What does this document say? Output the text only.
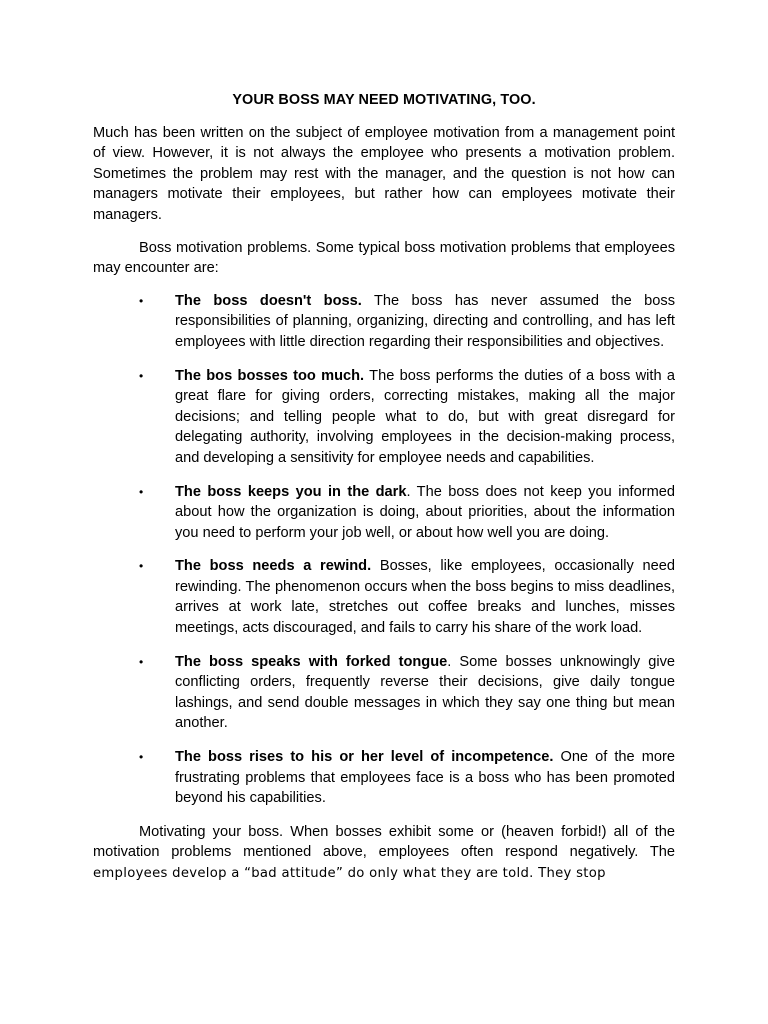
YOUR BOSS MAY NEED MOTIVATING, TOO.

Much has been written on the subject of employee motivation from a management point of view. However, it is not always the employee who presents a motivation problem. Sometimes the problem may rest with the manager, and the question is not how can managers motivate their employees, but rather how can employees motivate their managers.

Boss motivation problems. Some typical boss motivation problems that employees may encounter are:

• The boss doesn't boss. The boss has never assumed the boss responsibilities of planning, organizing, directing and controlling, and has left employees with little direction regarding their responsibilities and objectives.
• The bos bosses too much. The boss performs the duties of a boss with a great flare for giving orders, correcting mistakes, making all the major decisions; and telling people what to do, but with great disregard for delegating authority, involving employees in the decision-making process, and developing a sensitivity for employee needs and capabilities.
• The boss keeps you in the dark. The boss does not keep you informed about how the organization is doing, about priorities, about the information you need to perform your job well, or about how well you are doing.
• The boss needs a rewind. Bosses, like employees, occasionally need rewinding. The phenomenon occurs when the boss begins to miss deadlines, arrives at work late, stretches out coffee breaks and lunches, misses meetings, acts discouraged, and fails to carry his share of the work load.
• The boss speaks with forked tongue. Some bosses unknowingly give conflicting orders, frequently reverse their decisions, give daily tongue lashings, and send double messages in which they say one thing but mean another.
• The boss rises to his or her level of incompetence. One of the more frustrating problems that employees face is a boss who has been promoted beyond his capabilities.

Motivating your boss. When bosses exhibit some or (heaven forbid!) all of the motivation problems mentioned above, employees often respond negatively. The employees develop a “bad attitude” do only what they are told. They stop
